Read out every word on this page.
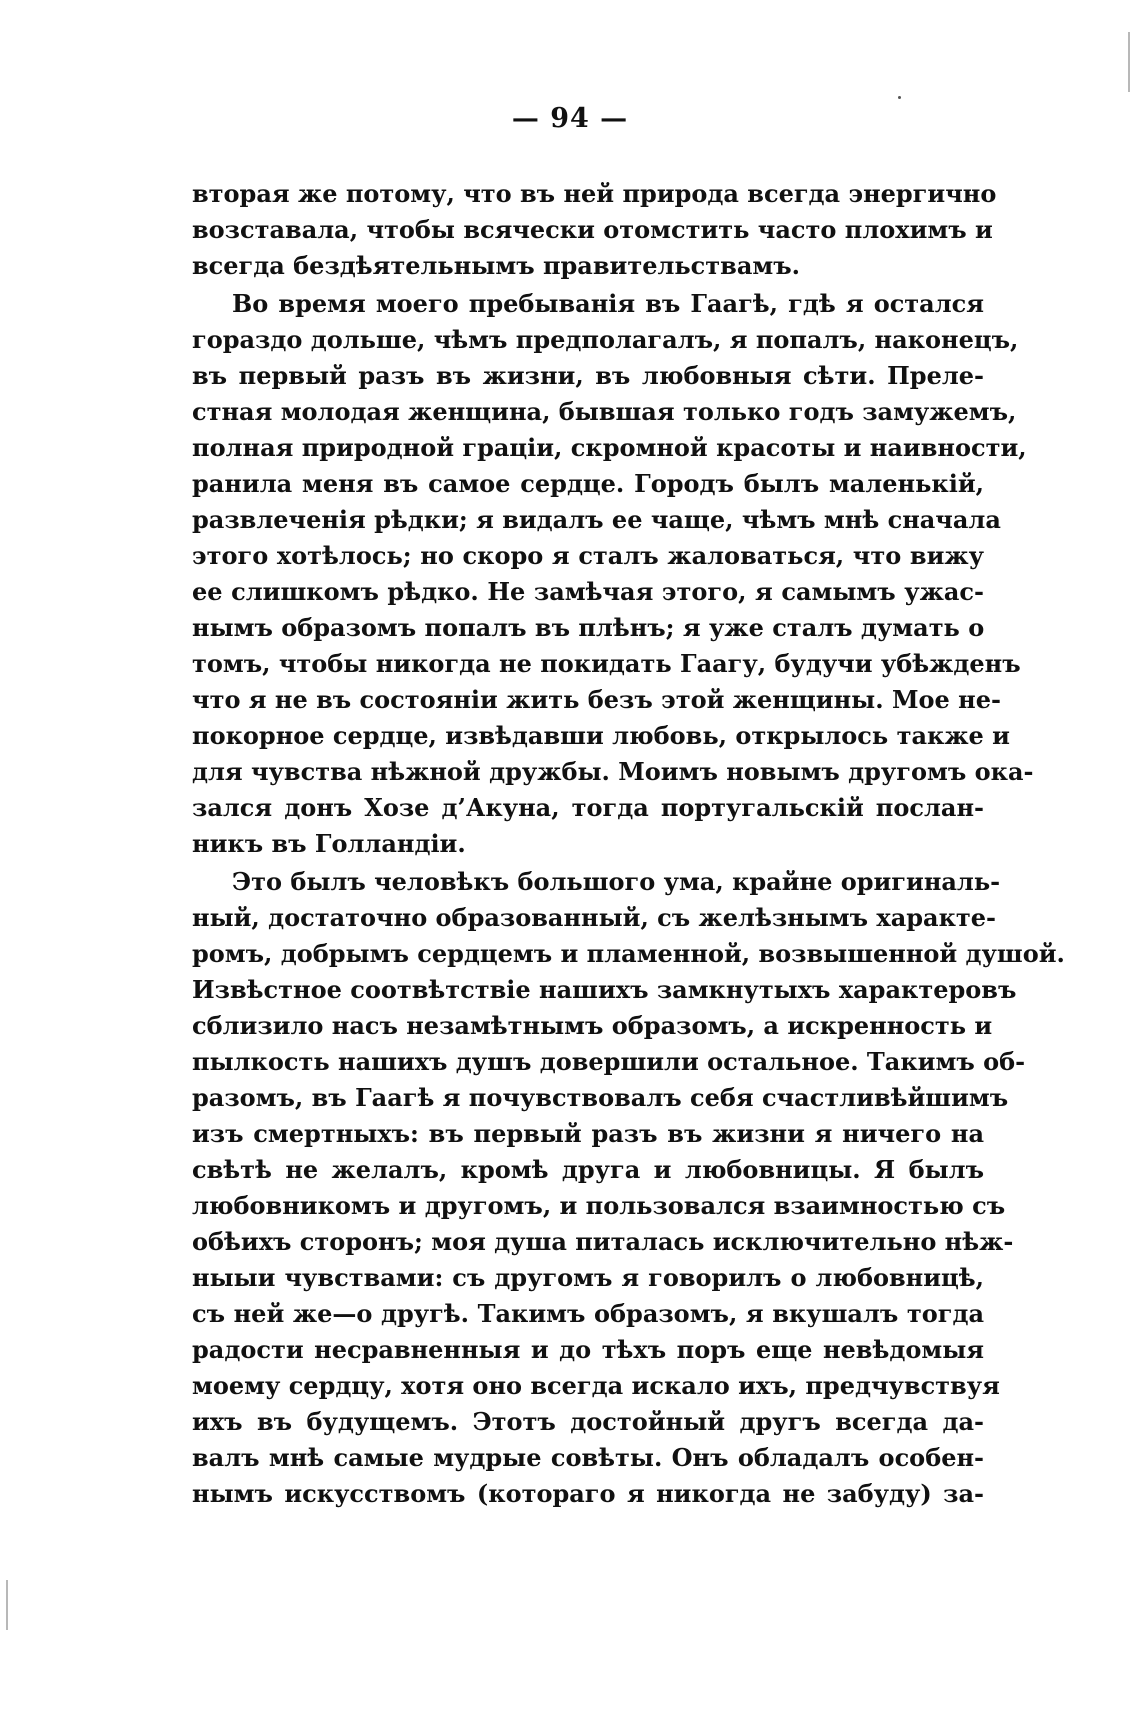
— 94 —
вторая же потому, что въ ней природа всегда энергично
возставала, чтобы всячески отомстить часто плохимъ и
всегда бездѣятельнымъ правительствамъ.
Во время моего пребыванія въ Гаагѣ, гдѣ я остался
гораздо дольше, чѣмъ предполагалъ, я попалъ, наконецъ,
въ первый разъ въ жизни, въ любовныя сѣти. Преле-
стная молодая женщина, бывшая только годъ замужемъ,
полная природной граціи, скромной красоты и наивности,
ранила меня въ самое сердце. Городъ былъ маленькій,
развлеченія рѣдки; я видалъ ее чаще, чѣмъ мнѣ сначала
этого хотѣлось; но скоро я сталъ жаловаться, что вижу
ее слишкомъ рѣдко. Не замѣчая этого, я самымъ ужас-
нымъ образомъ попалъ въ плѣнъ; я уже сталъ думать о
томъ, чтобы никогда не покидать Гаагу, будучи убѣжденъ
что я не въ состояніи жить безъ этой женщины. Мое не-
покорное сердце, извѣдавши любовь, открылось также и
для чувства нѣжной дружбы. Моимъ новымъ другомъ ока-
зался донъ Хозе д’Акуна, тогда португальскій послан-
никъ въ Голландіи.
Это былъ человѣкъ большого ума, крайне оригиналь-
ный, достаточно образованный, съ желѣзнымъ характе-
ромъ, добрымъ сердцемъ и пламенной, возвышенной душой.
Извѣстное соотвѣтствіе нашихъ замкнутыхъ характеровъ
сблизило насъ незамѣтнымъ образомъ, а искренность и
пылкость нашихъ душъ довершили остальное. Такимъ об-
разомъ, въ Гаагѣ я почувствовалъ себя счастливѣйшимъ
изъ смертныхъ: въ первый разъ въ жизни я ничего на
свѣтѣ не желалъ, кромѣ друга и любовницы. Я былъ
любовникомъ и другомъ, и пользовался взаимностью съ
обѣихъ сторонъ; моя душа питалась исключительно нѣж-
ныыи чувствами: съ другомъ я говорилъ о любовницѣ,
съ ней же—о другѣ. Такимъ образомъ, я вкушалъ тогда
радости несравненныя и до тѣхъ поръ еще невѣдомыя
моему сердцу, хотя оно всегда искало ихъ, предчувствуя
ихъ въ будущемъ. Этотъ достойный другъ всегда да-
валъ мнѣ самые мудрые совѣты. Онъ обладалъ особен-
нымъ искусствомъ (котораго я никогда не забуду) за-
